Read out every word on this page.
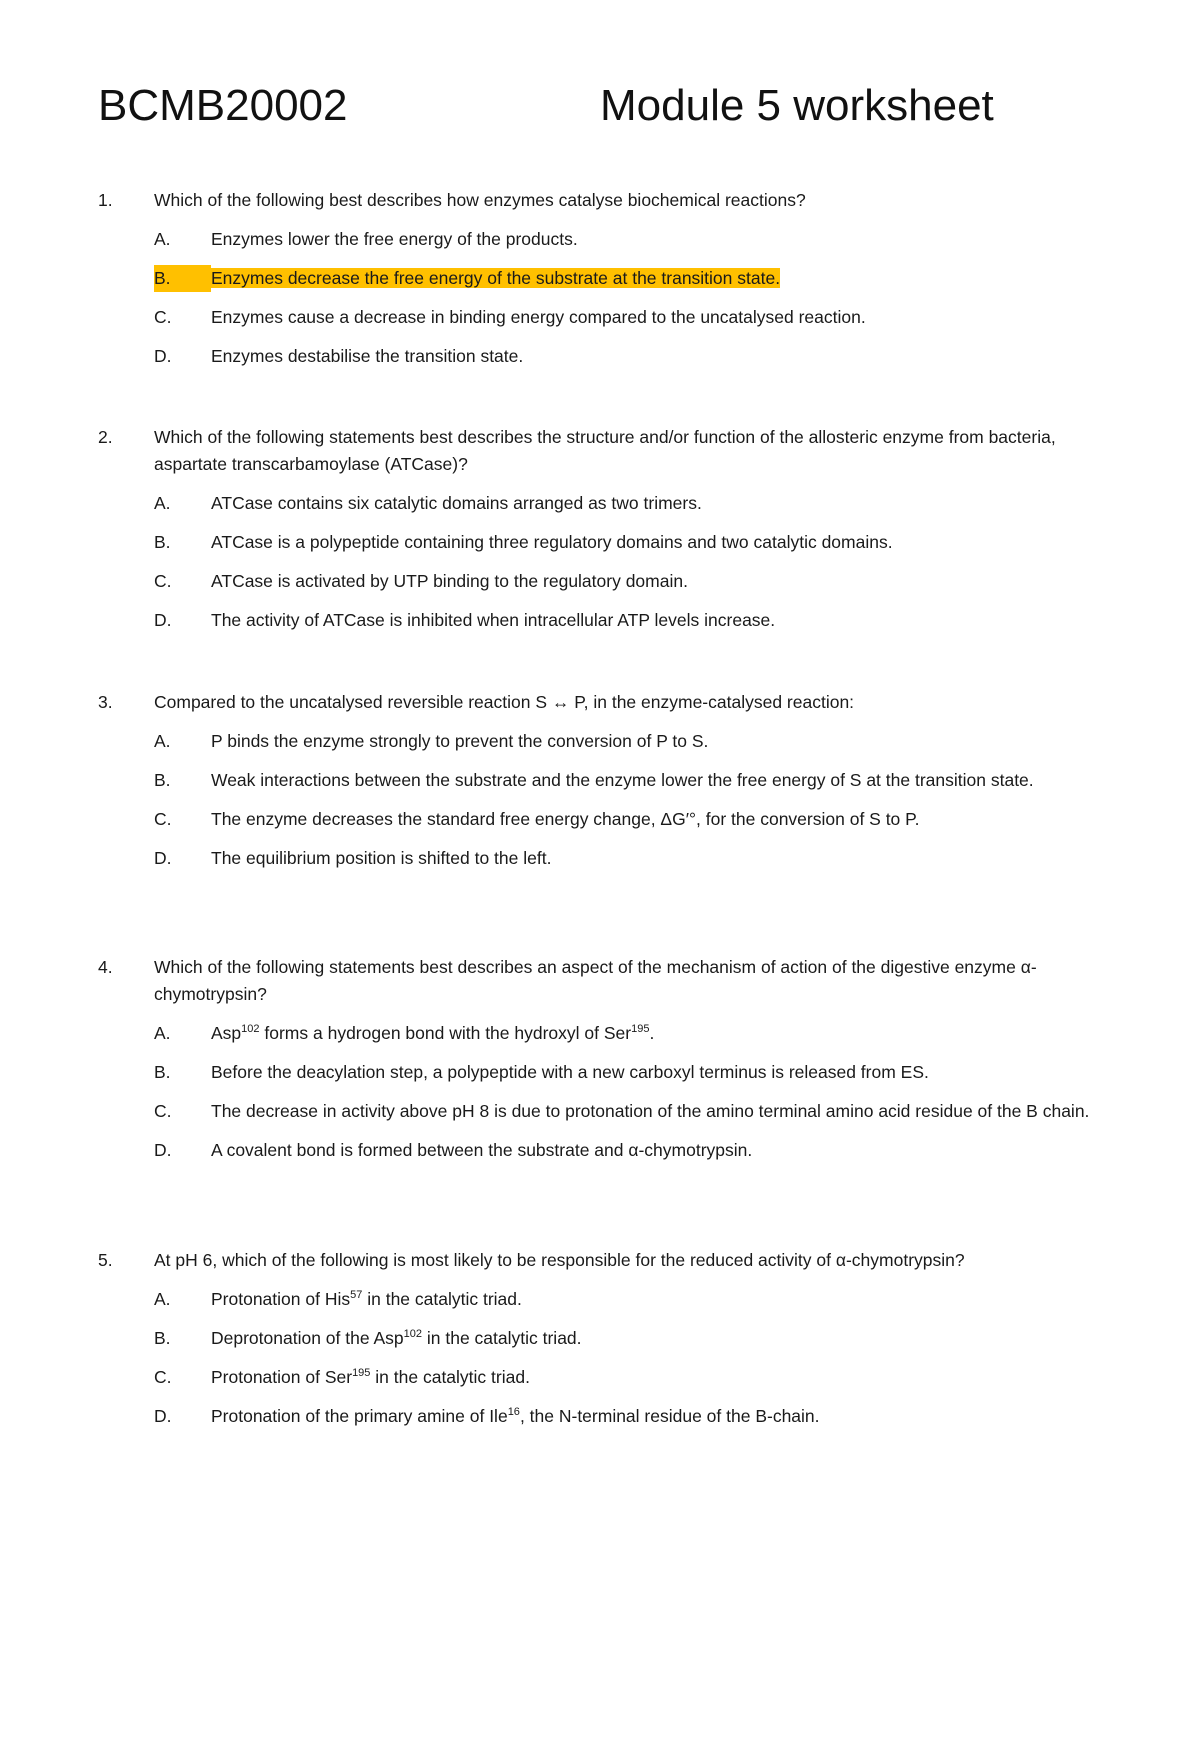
BCMB20002	Module 5 worksheet
1. Which of the following best describes how enzymes catalyse biochemical reactions?
A. Enzymes lower the free energy of the products.
B.	Enzymes decrease the free energy of the substrate at the transition state.
C. Enzymes cause a decrease in binding energy compared to the uncatalysed reaction.
D. Enzymes destabilise the transition state.
2. Which of the following statements best describes the structure and/or function of the allosteric enzyme from bacteria, aspartate transcarbamoylase (ATCase)?
A. ATCase contains six catalytic domains arranged as two trimers.
B. ATCase is a polypeptide containing three regulatory domains and two catalytic domains.
C. ATCase is activated by UTP binding to the regulatory domain.
D. The activity of ATCase is inhibited when intracellular ATP levels increase.
3. Compared to the uncatalysed reversible reaction S ↔ P, in the enzyme-catalysed reaction:
A. P binds the enzyme strongly to prevent the conversion of P to S.
B. Weak interactions between the substrate and the enzyme lower the free energy of S at the transition state.
C. The enzyme decreases the standard free energy change, ΔG′°, for the conversion of S to P.
D. The equilibrium position is shifted to the left.
4. Which of the following statements best describes an aspect of the mechanism of action of the digestive enzyme α-chymotrypsin?
A. Asp$^{102}$ forms a hydrogen bond with the hydroxyl of Ser$^{195}$.
B. Before the deacylation step, a polypeptide with a new carboxyl terminus is released from ES.
C. The decrease in activity above pH 8 is due to protonation of the amino terminal amino acid residue of the B chain.
D. A covalent bond is formed between the substrate and α-chymotrypsin.
5. At pH 6, which of the following is most likely to be responsible for the reduced activity of α-chymotrypsin?
A. Protonation of His$^{57}$ in the catalytic triad.
B. Deprotonation of the Asp$^{102}$ in the catalytic triad.
C. Protonation of Ser$^{195}$ in the catalytic triad.
D. Protonation of the primary amine of Ile$^{16}$, the N-terminal residue of the B-chain.
